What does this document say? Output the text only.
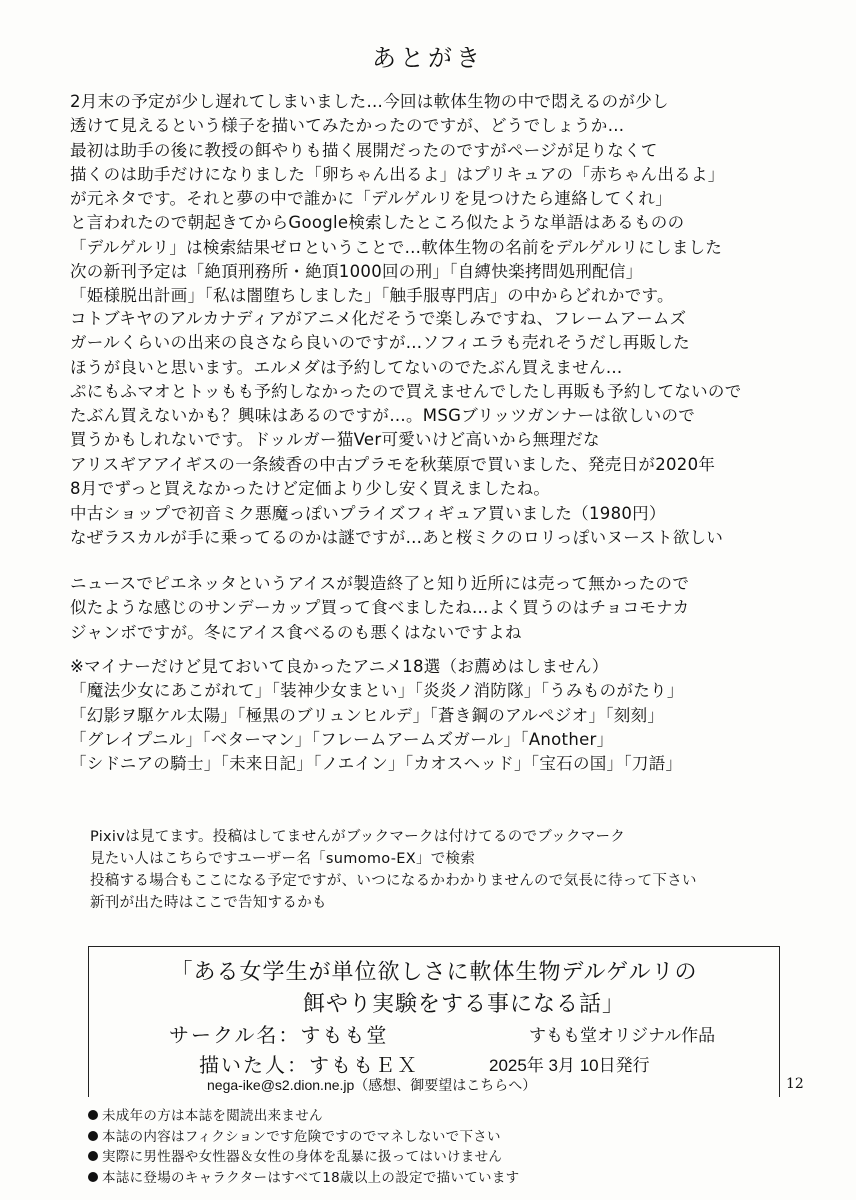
あとがき
2月末の予定が少し遅れてしまいました…今回は軟体生物の中で悶えるのが少し
透けて見えるという様子を描いてみたかったのですが、どうでしょうか…
最初は助手の後に教授の餌やりも描く展開だったのですがページが足りなくて
描くのは助手だけになりました「卵ちゃん出るよ」はプリキュアの「赤ちゃん出るよ」
が元ネタです。それと夢の中で誰かに「デルゲルリを見つけたら連絡してくれ」
と言われたので朝起きてからGoogle検索したところ似たような単語はあるものの
「デルゲルリ」は検索結果ゼロということで…軟体生物の名前をデルゲルリにしました
次の新刊予定は「絶頂刑務所・絶頂1000回の刑」「自縛快楽拷問処刑配信」
「姫様脱出計画」「私は闇堕ちしました」「触手服専門店」の中からどれかです。
コトブキヤのアルカナディアがアニメ化だそうで楽しみですね、フレームアームズ
ガールくらいの出来の良さなら良いのですが…ソフィエラも売れそうだし再販した
ほうが良いと思います。エルメダは予約してないのでたぶん買えません…
ぷにもふマオとトッもも予約しなかったので買えませんでしたし再販も予約してないので
たぶん買えないかも？興味はあるのですが…。MSGブリッツガンナーは欲しいので
買うかもしれないです。ドッルガー猫Ver可愛いけど高いから無理だな
アリスギアアイギスの一条綾香の中古プラモを秋葉原で買いました、発売日が2020年
8月でずっと買えなかったけど定価より少し安く買えましたね。
中古ショップで初音ミク悪魔っぽいプライズフィギュア買いました（1980円）
なぜラスカルが手に乗ってるのかは謎ですが…あと桜ミクのロリっぽいヌースト欲しい
ニュースでピエネッタというアイスが製造終了と知り近所には売って無かったので
似たような感じのサンデーカップ買って食べましたね…よく買うのはチョコモナカ
ジャンボですが。冬にアイス食べるのも悪くはないですよね
※マイナーだけど見ておいて良かったアニメ18選（お薦めはしません）
「魔法少女にあこがれて」「装神少女まとい」「炎炎ノ消防隊」「うみものがたり」
「幻影ヲ駆ケル太陽」「極黒のブリュンヒルデ」「蒼き鋼のアルペジオ」「刻刻」
「グレイプニル」「ベターマン」「フレームアームズガール」「Another」
「シドニアの騎士」「未来日記」「ノエイン」「カオスヘッド」「宝石の国」「刀語」
Pixivは見てます。投稿はしてませんがブックマークは付けてるのでブックマーク
見たい人はこちらですユーザー名「sumomo-EX」で検索
投稿する場合もここになる予定ですが、いつになるかわかりませんので気長に待って下さい
新刊が出た時はここで告知するかも
「ある女学生が単位欲しさに軟体生物デルゲルリの
餌やり実験をする事になる話」
サークル名：すもも堂	すもも堂オリジナル作品
描いた人：すももＥＸ	2025年 3月 10日発行
nega-ike@s2.dion.ne.jp（感想、御要望はこちらへ）	12
未成年の方は本誌を閲読出来ません
本誌の内容はフィクションです危険ですのでマネしないで下さい
実際に男性器や女性器＆女性の身体を乱暴に扱ってはいけません
本誌に登場のキャラクターはすべて18歳以上の設定で描いています
